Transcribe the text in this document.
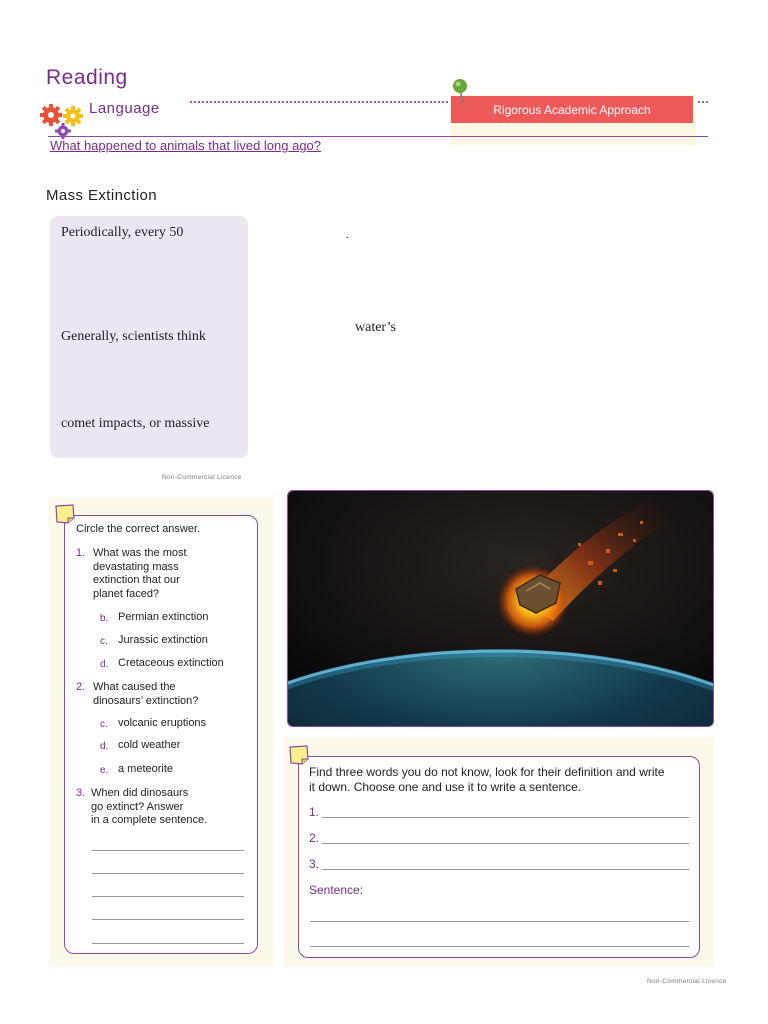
Reading
Language	Rigorous Academic Approach
What happened to animals that lived long ago?
Mass Extinction
Periodically, every 50
Generally, scientists think
comet impacts, or massive
.
water’s
Non-Commercial Licence
Circle the correct answer.
1. What was the most
devastating mass
extinction that our
planet faced?
b. Permian extinction
c. Jurassic extinction
d. Cretaceous extinction
2. What caused the
dinosaurs’ extinction?
c. volcanic eruptions
d. cold weather
e. a meteorite
3. When did dinosaurs
go extinct? Answer
in a complete sentence.
Find three words you do not know, look for their definition and write
it down. Choose one and use it to write a sentence.
1.
2.
3.
Sentence:
Non-Commercial Licence
